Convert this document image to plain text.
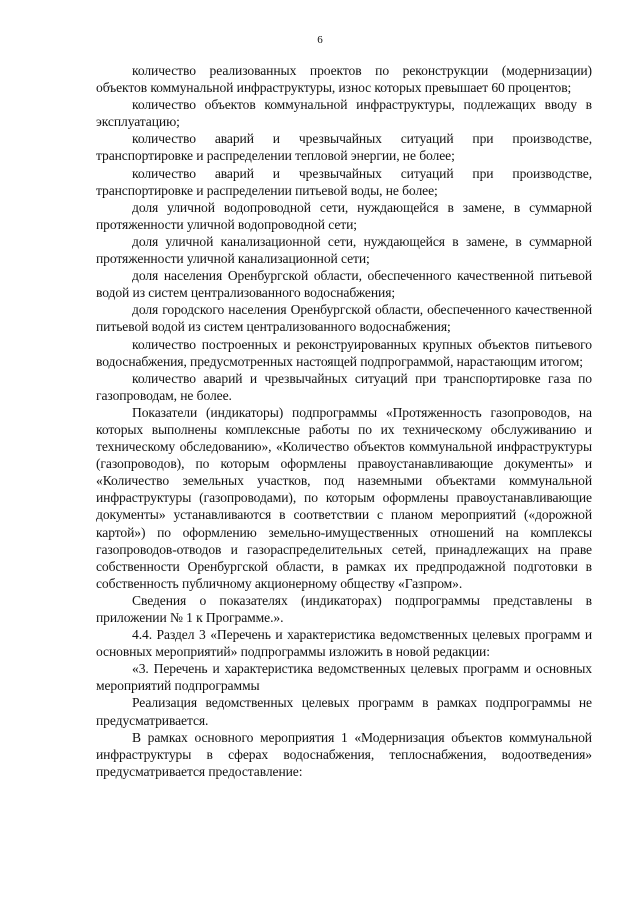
6

количество реализованных проектов по реконструкции (модернизации) объектов коммунальной инфраструктуры, износ которых превышает 60 процентов;

количество объектов коммунальной инфраструктуры, подлежащих вводу в эксплуатацию;

количество аварий и чрезвычайных ситуаций при производстве, транспортировке и распределении тепловой энергии, не более;

количество аварий и чрезвычайных ситуаций при производстве, транспортировке и распределении питьевой воды, не более;

доля уличной водопроводной сети, нуждающейся в замене, в суммарной протяженности уличной водопроводной сети;

доля уличной канализационной сети, нуждающейся в замене, в суммарной протяженности уличной канализационной сети;

доля населения Оренбургской области, обеспеченного качественной питьевой водой из систем централизованного водоснабжения;

доля городского населения Оренбургской области, обеспеченного качественной питьевой водой из систем централизованного водоснабжения;

количество построенных и реконструированных крупных объектов питьевого водоснабжения, предусмотренных настоящей подпрограммой, нарастающим итогом;

количество аварий и чрезвычайных ситуаций при транспортировке газа по газопроводам, не более.

Показатели (индикаторы) подпрограммы «Протяженность газопроводов, на которых выполнены комплексные работы по их техническому обслуживанию и техническому обследованию», «Количество объектов коммунальной инфраструктуры (газопроводов), по которым оформлены правоустанавливающие документы» и «Количество земельных участков, под наземными объектами коммунальной инфраструктуры (газопроводами), по которым оформлены правоустанавливающие документы» устанавливаются в соответствии с планом мероприятий («дорожной картой») по оформлению земельно-имущественных отношений на комплексы газопроводов-отводов и газораспределительных сетей, принадлежащих на праве собственности Оренбургской области, в рамках их предпродажной подготовки в собственность публичному акционерному обществу «Газпром».

Сведения о показателях (индикаторах) подпрограммы представлены в приложении № 1 к Программе.».

4.4. Раздел 3 «Перечень и характеристика ведомственных целевых программ и основных мероприятий» подпрограммы изложить в новой редакции:

«3. Перечень и характеристика ведомственных целевых программ и основных мероприятий подпрограммы

Реализация ведомственных целевых программ в рамках подпрограммы не предусматривается.

В рамках основного мероприятия 1 «Модернизация объектов коммунальной инфраструктуры в сферах водоснабжения, теплоснабжения, водоотведения» предусматривается предоставление:
